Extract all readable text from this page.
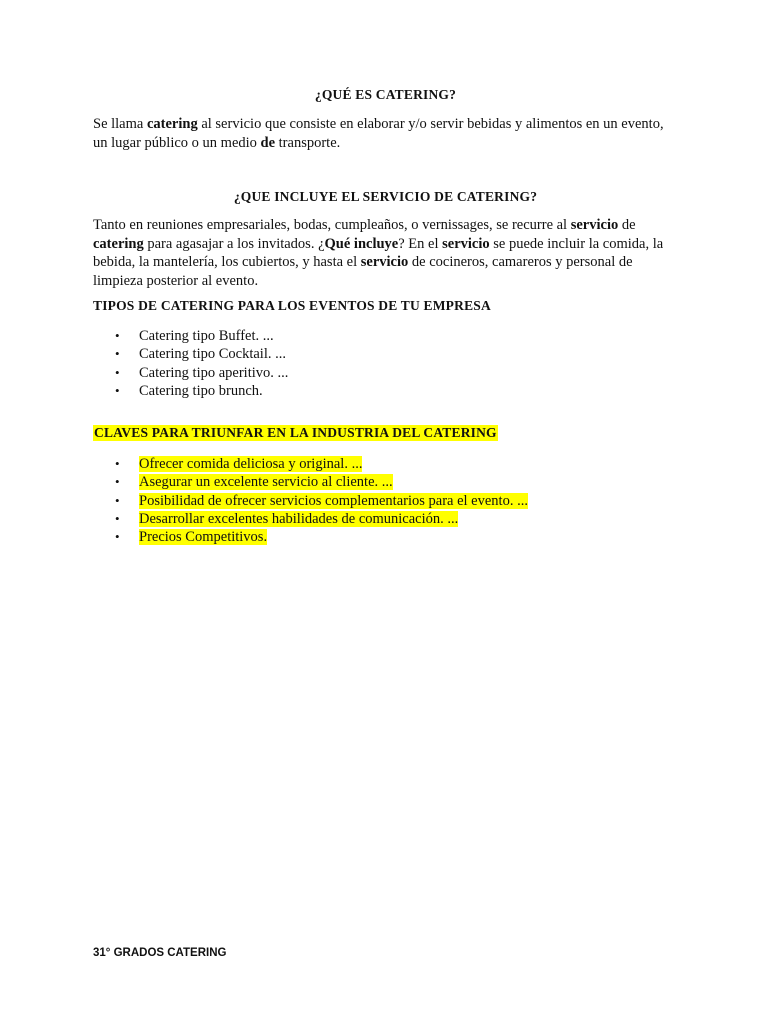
¿QUÉ ES CATERING?
Se llama catering al servicio que consiste en elaborar y/o servir bebidas y alimentos en un evento, un lugar público o un medio de transporte.
¿QUE INCLUYE EL SERVICIO DE CATERING?
Tanto en reuniones empresariales, bodas, cumpleaños, o vernissages, se recurre al servicio de catering para agasajar a los invitados. ¿Qué incluye? En el servicio se puede incluir la comida, la bebida, la mantelería, los cubiertos, y hasta el servicio de cocineros, camareros y personal de limpieza posterior al evento.
TIPOS DE CATERING PARA LOS EVENTOS DE TU EMPRESA
• Catering tipo Buffet. ...
• Catering tipo Cocktail. ...
• Catering tipo aperitivo. ...
• Catering tipo brunch.
CLAVES PARA TRIUNFAR EN LA INDUSTRIA DEL CATERING
• Ofrecer comida deliciosa y original. ...
• Asegurar un excelente servicio al cliente. ...
• Posibilidad de ofrecer servicios complementarios para el evento. ...
• Desarrollar excelentes habilidades de comunicación. ...
• Precios Competitivos.
31° GRADOS CATERING
